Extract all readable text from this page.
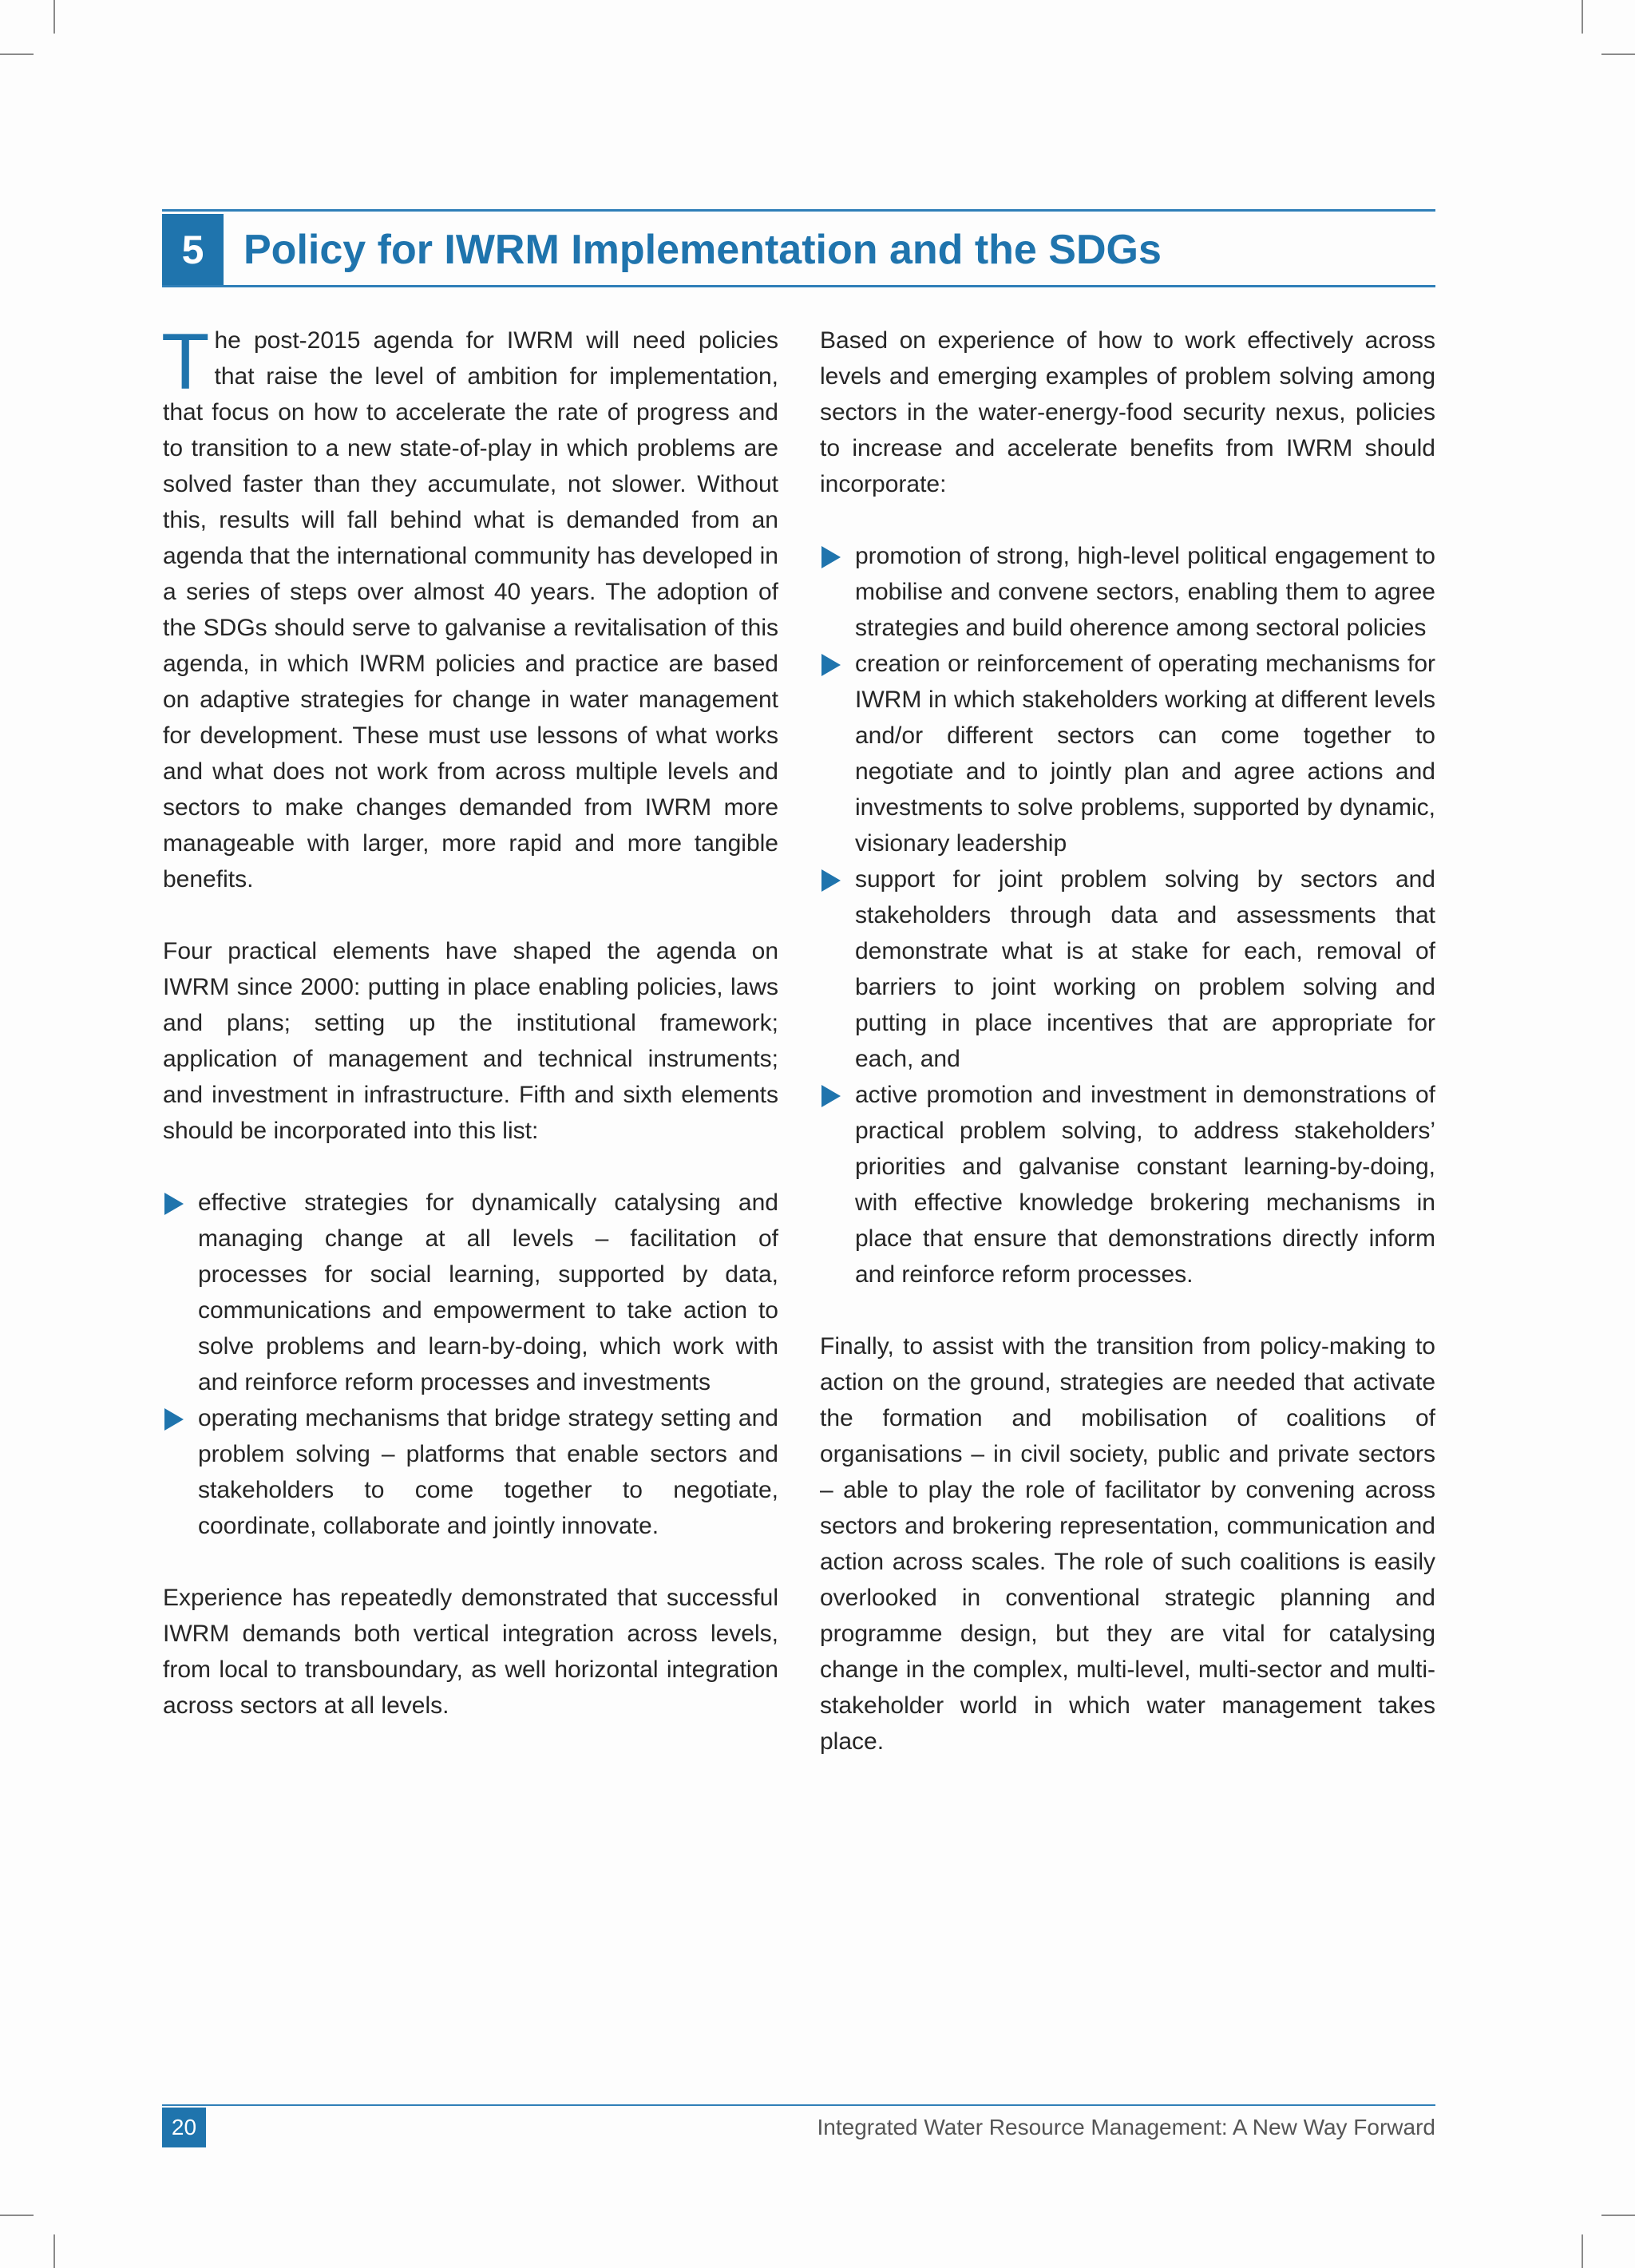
5 Policy for IWRM Implementation and the SDGs

The post-2015 agenda for IWRM will need policies that raise the level of ambition for implementation, that focus on how to accelerate the rate of progress and to transition to a new state-of-play in which problems are solved faster than they accumulate, not slower. Without this, results will fall behind what is demanded from an agenda that the international community has developed in a series of steps over almost 40 years. The adoption of the SDGs should serve to galvanise a revitalisation of this agenda, in which IWRM policies and practice are based on adaptive strategies for change in water management for development. These must use lessons of what works and what does not work from across multiple levels and sectors to make changes demanded from IWRM more manageable with larger, more rapid and more tangible benefits.

Four practical elements have shaped the agenda on IWRM since 2000: putting in place enabling policies, laws and plans; setting up the institutional framework; application of management and technical instruments; and investment in infrastructure. Fifth and sixth elements should be incorporated into this list:

effective strategies for dynamically catalysing and managing change at all levels – facilitation of processes for social learning, supported by data, communications and empowerment to take action to solve problems and learn-by-doing, which work with and reinforce reform processes and investments
operating mechanisms that bridge strategy setting and problem solving – platforms that enable sectors and stakeholders to come together to negotiate, coordinate, collaborate and jointly innovate.

Experience has repeatedly demonstrated that successful IWRM demands both vertical integration across levels, from local to transboundary, as well horizontal integration across sectors at all levels.

Based on experience of how to work effectively across levels and emerging examples of problem solving among sectors in the water-energy-food security nexus, policies to increase and accelerate benefits from IWRM should incorporate:

promotion of strong, high-level political engagement to mobilise and convene sectors, enabling them to agree strategies and build oherence among sectoral policies
creation or reinforcement of operating mechanisms for IWRM in which stakeholders working at different levels and/or different sectors can come together to negotiate and to jointly plan and agree actions and investments to solve problems, supported by dynamic, visionary leadership
support for joint problem solving by sectors and stakeholders through data and assessments that demonstrate what is at stake for each, removal of barriers to joint working on problem solving and putting in place incentives that are appropriate for each, and
active promotion and investment in demonstrations of practical problem solving, to address stakeholders’ priorities and galvanise constant learning-by-doing, with effective knowledge brokering mechanisms in place that ensure that demonstrations directly inform and reinforce reform processes.

Finally, to assist with the transition from policy-making to action on the ground, strategies are needed that activate the formation and mobilisation of coalitions of organisations – in civil society, public and private sectors – able to play the role of facilitator by convening across sectors and brokering representation, communication and action across scales. The role of such coalitions is easily overlooked in conventional strategic planning and programme design, but they are vital for catalysing change in the complex, multi-level, multi-sector and multi-stakeholder world in which water management takes place.

20	Integrated Water Resource Management: A New Way Forward
